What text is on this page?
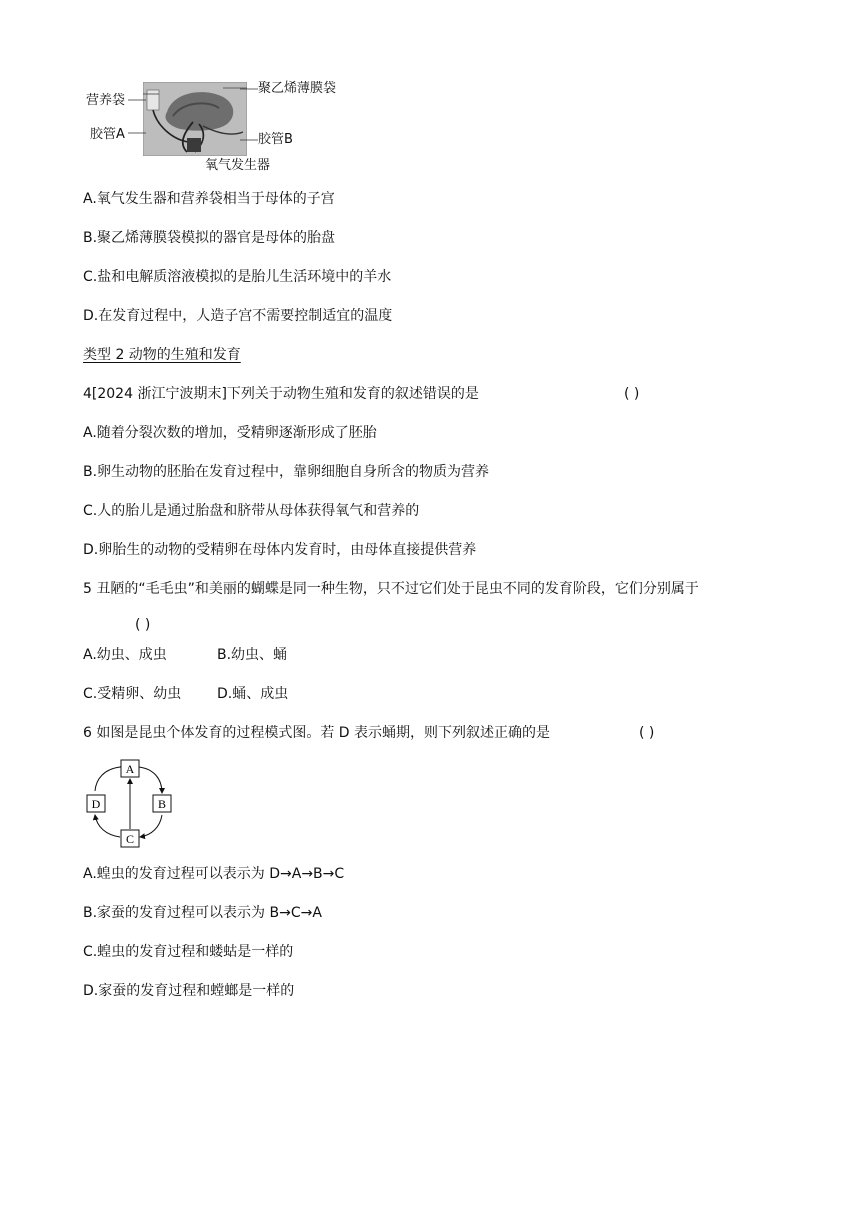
营养袋
胶管A
聚乙烯薄膜袋
胶管B
氧气发生器
A.氧气发生器和营养袋相当于母体的子宫
B.聚乙烯薄膜袋模拟的器官是母体的胎盘
C.盐和电解质溶液模拟的是胎儿生活环境中的羊水
D.在发育过程中，人造子宫不需要控制适宜的温度
类型 2 动物的生殖和发育
4[2024 浙江宁波期末]下列关于动物生殖和发育的叙述错误的是	( )
A.随着分裂次数的增加，受精卵逐渐形成了胚胎
B.卵生动物的胚胎在发育过程中，靠卵细胞自身所含的物质为营养
C.人的胎儿是通过胎盘和脐带从母体获得氧气和营养的
D.卵胎生的动物的受精卵在母体内发育时，由母体直接提供营养
5 丑陋的“毛毛虫”和美丽的蝴蝶是同一种生物，只不过它们处于昆虫不同的发育阶段，它们分别属于
( )
A.幼虫、成虫	B.幼虫、蛹
C.受精卵、幼虫	D.蛹、成虫
6 如图是昆虫个体发育的过程模式图。若 D 表示蛹期，则下列叙述正确的是	( )
A
B
C
D
A.蝗虫的发育过程可以表示为 D→A→B→C
B.家蚕的发育过程可以表示为 B→C→A
C.蝗虫的发育过程和蝼蛄是一样的
D.家蚕的发育过程和螳螂是一样的
